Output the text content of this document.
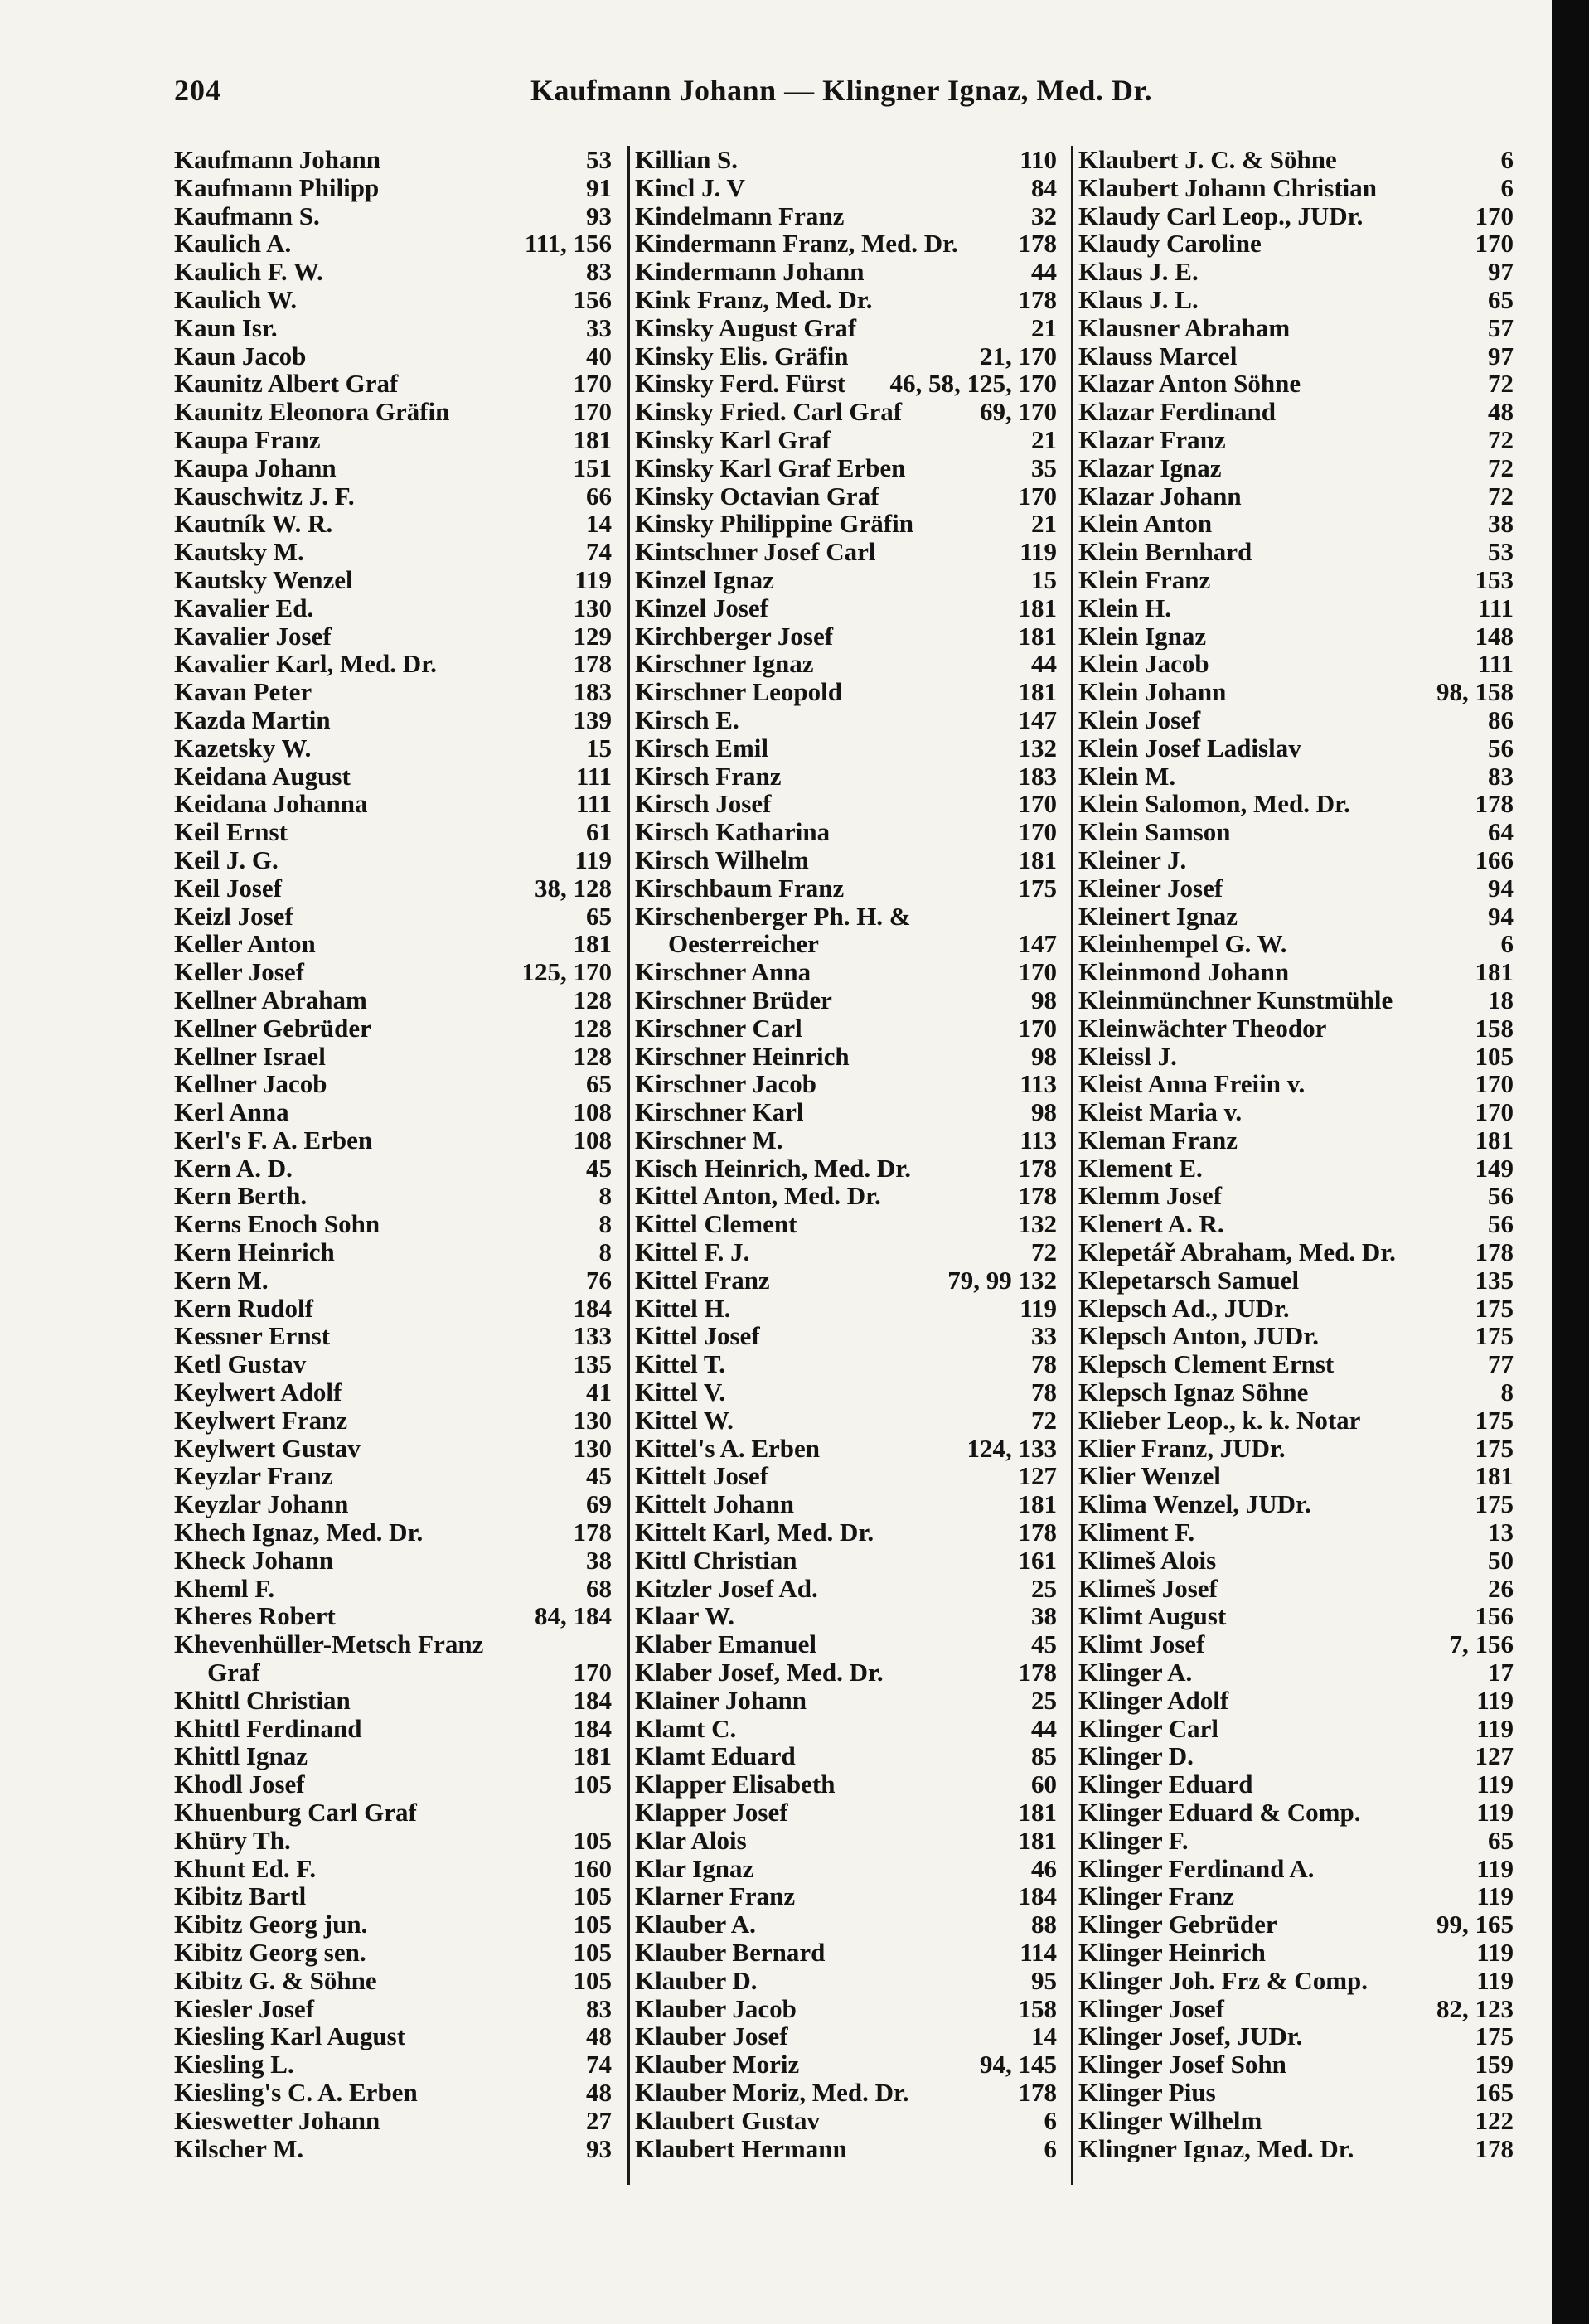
204	Kaufmann Johann — Klingner Ignaz, Med. Dr.
Kaufmann Johann	53
Kaufmann Philipp	91
Kaufmann S.	93
Kaulich A.	111, 156
Kaulich F. W.	83
Kaulich W.	156
Kaun Isr.	33
Kaun Jacob	40
Kaunitz Albert Graf	170
Kaunitz Eleonora Gräfin	170
Kaupa Franz	181
Kaupa Johann	151
Kauschwitz J. F.	66
Kautník W. R.	14
Kautsky M.	74
Kautsky Wenzel	119
Kavalier Ed.	130
Kavalier Josef	129
Kavalier Karl, Med. Dr.	178
Kavan Peter	183
Kazda Martin	139
Kazetsky W.	15
Keidana August	111
Keidana Johanna	111
Keil Ernst	61
Keil J. G.	119
Keil Josef	38, 128
Keizl Josef	65
Keller Anton	181
Keller Josef	125, 170
Kellner Abraham	128
Kellner Gebrüder	128
Kellner Israel	128
Kellner Jacob	65
Kerl Anna	108
Kerl's F. A. Erben	108
Kern A. D.	45
Kern Berth.	8
Kerns Enoch Sohn	8
Kern Heinrich	8
Kern M.	76
Kern Rudolf	184
Kessner Ernst	133
Ketl Gustav	135
Keylwert Adolf	41
Keylwert Franz	130
Keylwert Gustav	130
Keyzlar Franz	45
Keyzlar Johann	69
Khech Ignaz, Med. Dr.	178
Kheck Johann	38
Kheml F.	68
Kheres Robert	84, 184
Khevenhüller-Metsch Franz
Graf	170
Khittl Christian	184
Khittl Ferdinand	184
Khittl Ignaz	181
Khodl Josef	105
Khuenburg Carl Graf
Khüry Th.	105
Khunt Ed. F.	160
Kibitz Bartl	105
Kibitz Georg jun.	105
Kibitz Georg sen.	105
Kibitz G. & Söhne	105
Kiesler Josef	83
Kiesling Karl August	48
Kiesling L.	74
Kiesling's C. A. Erben	48
Kieswetter Johann	27
Kilscher M.	93
Killian S.	110
Kincl J. V	84
Kindelmann Franz	32
Kindermann Franz, Med. Dr.	178
Kindermann Johann	44
Kink Franz, Med. Dr.	178
Kinsky August Graf	21
Kinsky Elis. Gräfin	21, 170
Kinsky Ferd. Fürst	46, 58, 125, 170
Kinsky Fried. Carl Graf	69, 170
Kinsky Karl Graf	21
Kinsky Karl Graf Erben	35
Kinsky Octavian Graf	170
Kinsky Philippine Gräfin	21
Kintschner Josef Carl	119
Kinzel Ignaz	15
Kinzel Josef	181
Kirchberger Josef	181
Kirschner Ignaz	44
Kirschner Leopold	181
Kirsch E.	147
Kirsch Emil	132
Kirsch Franz	183
Kirsch Josef	170
Kirsch Katharina	170
Kirsch Wilhelm	181
Kirschbaum Franz	175
Kirschenberger Ph. H. &
Oesterreicher	147
Kirschner Anna	170
Kirschner Brüder	98
Kirschner Carl	170
Kirschner Heinrich	98
Kirschner Jacob	113
Kirschner Karl	98
Kirschner M.	113
Kisch Heinrich, Med. Dr.	178
Kittel Anton, Med. Dr.	178
Kittel Clement	132
Kittel F. J.	72
Kittel Franz	79, 99 132
Kittel H.	119
Kittel Josef	33
Kittel T.	78
Kittel V.	78
Kittel W.	72
Kittel's A. Erben	124, 133
Kittelt Josef	127
Kittelt Johann	181
Kittelt Karl, Med. Dr.	178
Kittl Christian	161
Kitzler Josef Ad.	25
Klaar W.	38
Klaber Emanuel	45
Klaber Josef, Med. Dr.	178
Klainer Johann	25
Klamt C.	44
Klamt Eduard	85
Klapper Elisabeth	60
Klapper Josef	181
Klar Alois	181
Klar Ignaz	46
Klarner Franz	184
Klauber A.	88
Klauber Bernard	114
Klauber D.	95
Klauber Jacob	158
Klauber Josef	14
Klauber Moriz	94, 145
Klauber Moriz, Med. Dr.	178
Klaubert Gustav	6
Klaubert Hermann	6
Klaubert J. C. & Söhne	6
Klaubert Johann Christian	6
Klaudy Carl Leop., JUDr.	170
Klaudy Caroline	170
Klaus J. E.	97
Klaus J. L.	65
Klausner Abraham	57
Klauss Marcel	97
Klazar Anton Söhne	72
Klazar Ferdinand	48
Klazar Franz	72
Klazar Ignaz	72
Klazar Johann	72
Klein Anton	38
Klein Bernhard	53
Klein Franz	153
Klein H.	111
Klein Ignaz	148
Klein Jacob	111
Klein Johann	98, 158
Klein Josef	86
Klein Josef Ladislav	56
Klein M.	83
Klein Salomon, Med. Dr.	178
Klein Samson	64
Kleiner J.	166
Kleiner Josef	94
Kleinert Ignaz	94
Kleinhempel G. W.	6
Kleinmond Johann	181
Kleinmünchner Kunstmühle	18
Kleinwächter Theodor	158
Kleissl J.	105
Kleist Anna Freiin v.	170
Kleist Maria v.	170
Kleman Franz	181
Klement E.	149
Klemm Josef	56
Klenert A. R.	56
Klepetář Abraham, Med. Dr.	178
Klepetarsch Samuel	135
Klepsch Ad., JUDr.	175
Klepsch Anton, JUDr.	175
Klepsch Clement Ernst	77
Klepsch Ignaz Söhne	8
Klieber Leop., k. k. Notar	175
Klier Franz, JUDr.	175
Klier Wenzel	181
Klima Wenzel, JUDr.	175
Kliment F.	13
Klimeš Alois	50
Klimeš Josef	26
Klimt August	156
Klimt Josef	7, 156
Klinger A.	17
Klinger Adolf	119
Klinger Carl	119
Klinger D.	127
Klinger Eduard	119
Klinger Eduard & Comp.	119
Klinger F.	65
Klinger Ferdinand A.	119
Klinger Franz	119
Klinger Gebrüder	99, 165
Klinger Heinrich	119
Klinger Joh. Frz & Comp.	119
Klinger Josef	82, 123
Klinger Josef, JUDr.	175
Klinger Josef Sohn	159
Klinger Pius	165
Klinger Wilhelm	122
Klingner Ignaz, Med. Dr.	178
